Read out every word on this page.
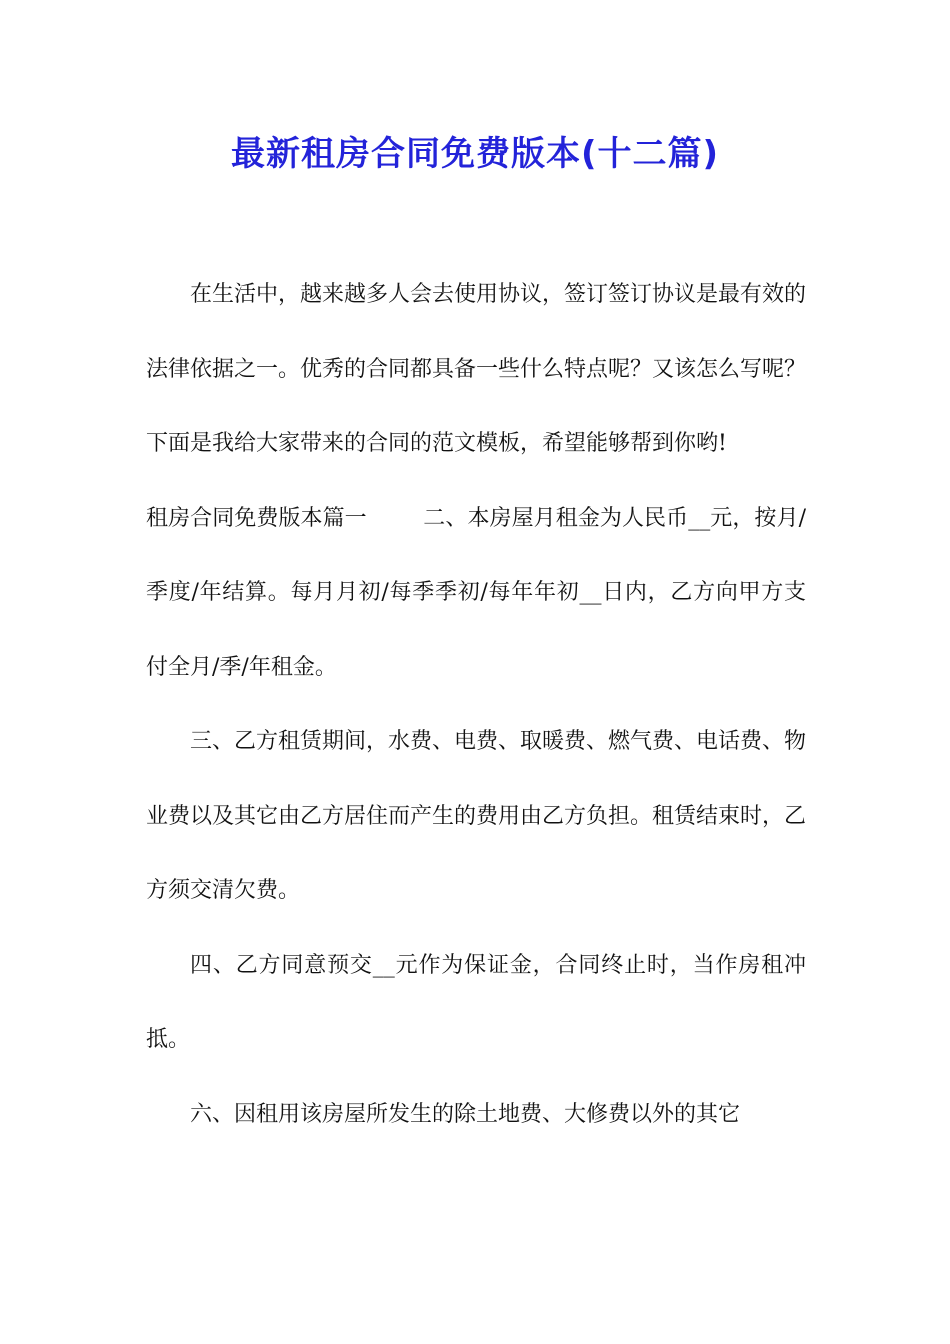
最新租房合同免费版本(十二篇)

在生活中，越来越多人会去使用协议，签订签订协议是最有效的法律依据之一。优秀的合同都具备一些什么特点呢？又该怎么写呢？下面是我给大家带来的合同的范文模板，希望能够帮到你哟!

租房合同免费版本篇一	二、本房屋月租金为人民币__元，按月/季度/年结算。每月月初/每季季初/每年年初__日内，乙方向甲方支付全月/季/年租金。

三、乙方租赁期间，水费、电费、取暖费、燃气费、电话费、物业费以及其它由乙方居住而产生的费用由乙方负担。租赁结束时，乙方须交清欠费。

四、乙方同意预交__元作为保证金，合同终止时，当作房租冲抵。

六、因租用该房屋所发生的除土地费、大修费以外的其它
